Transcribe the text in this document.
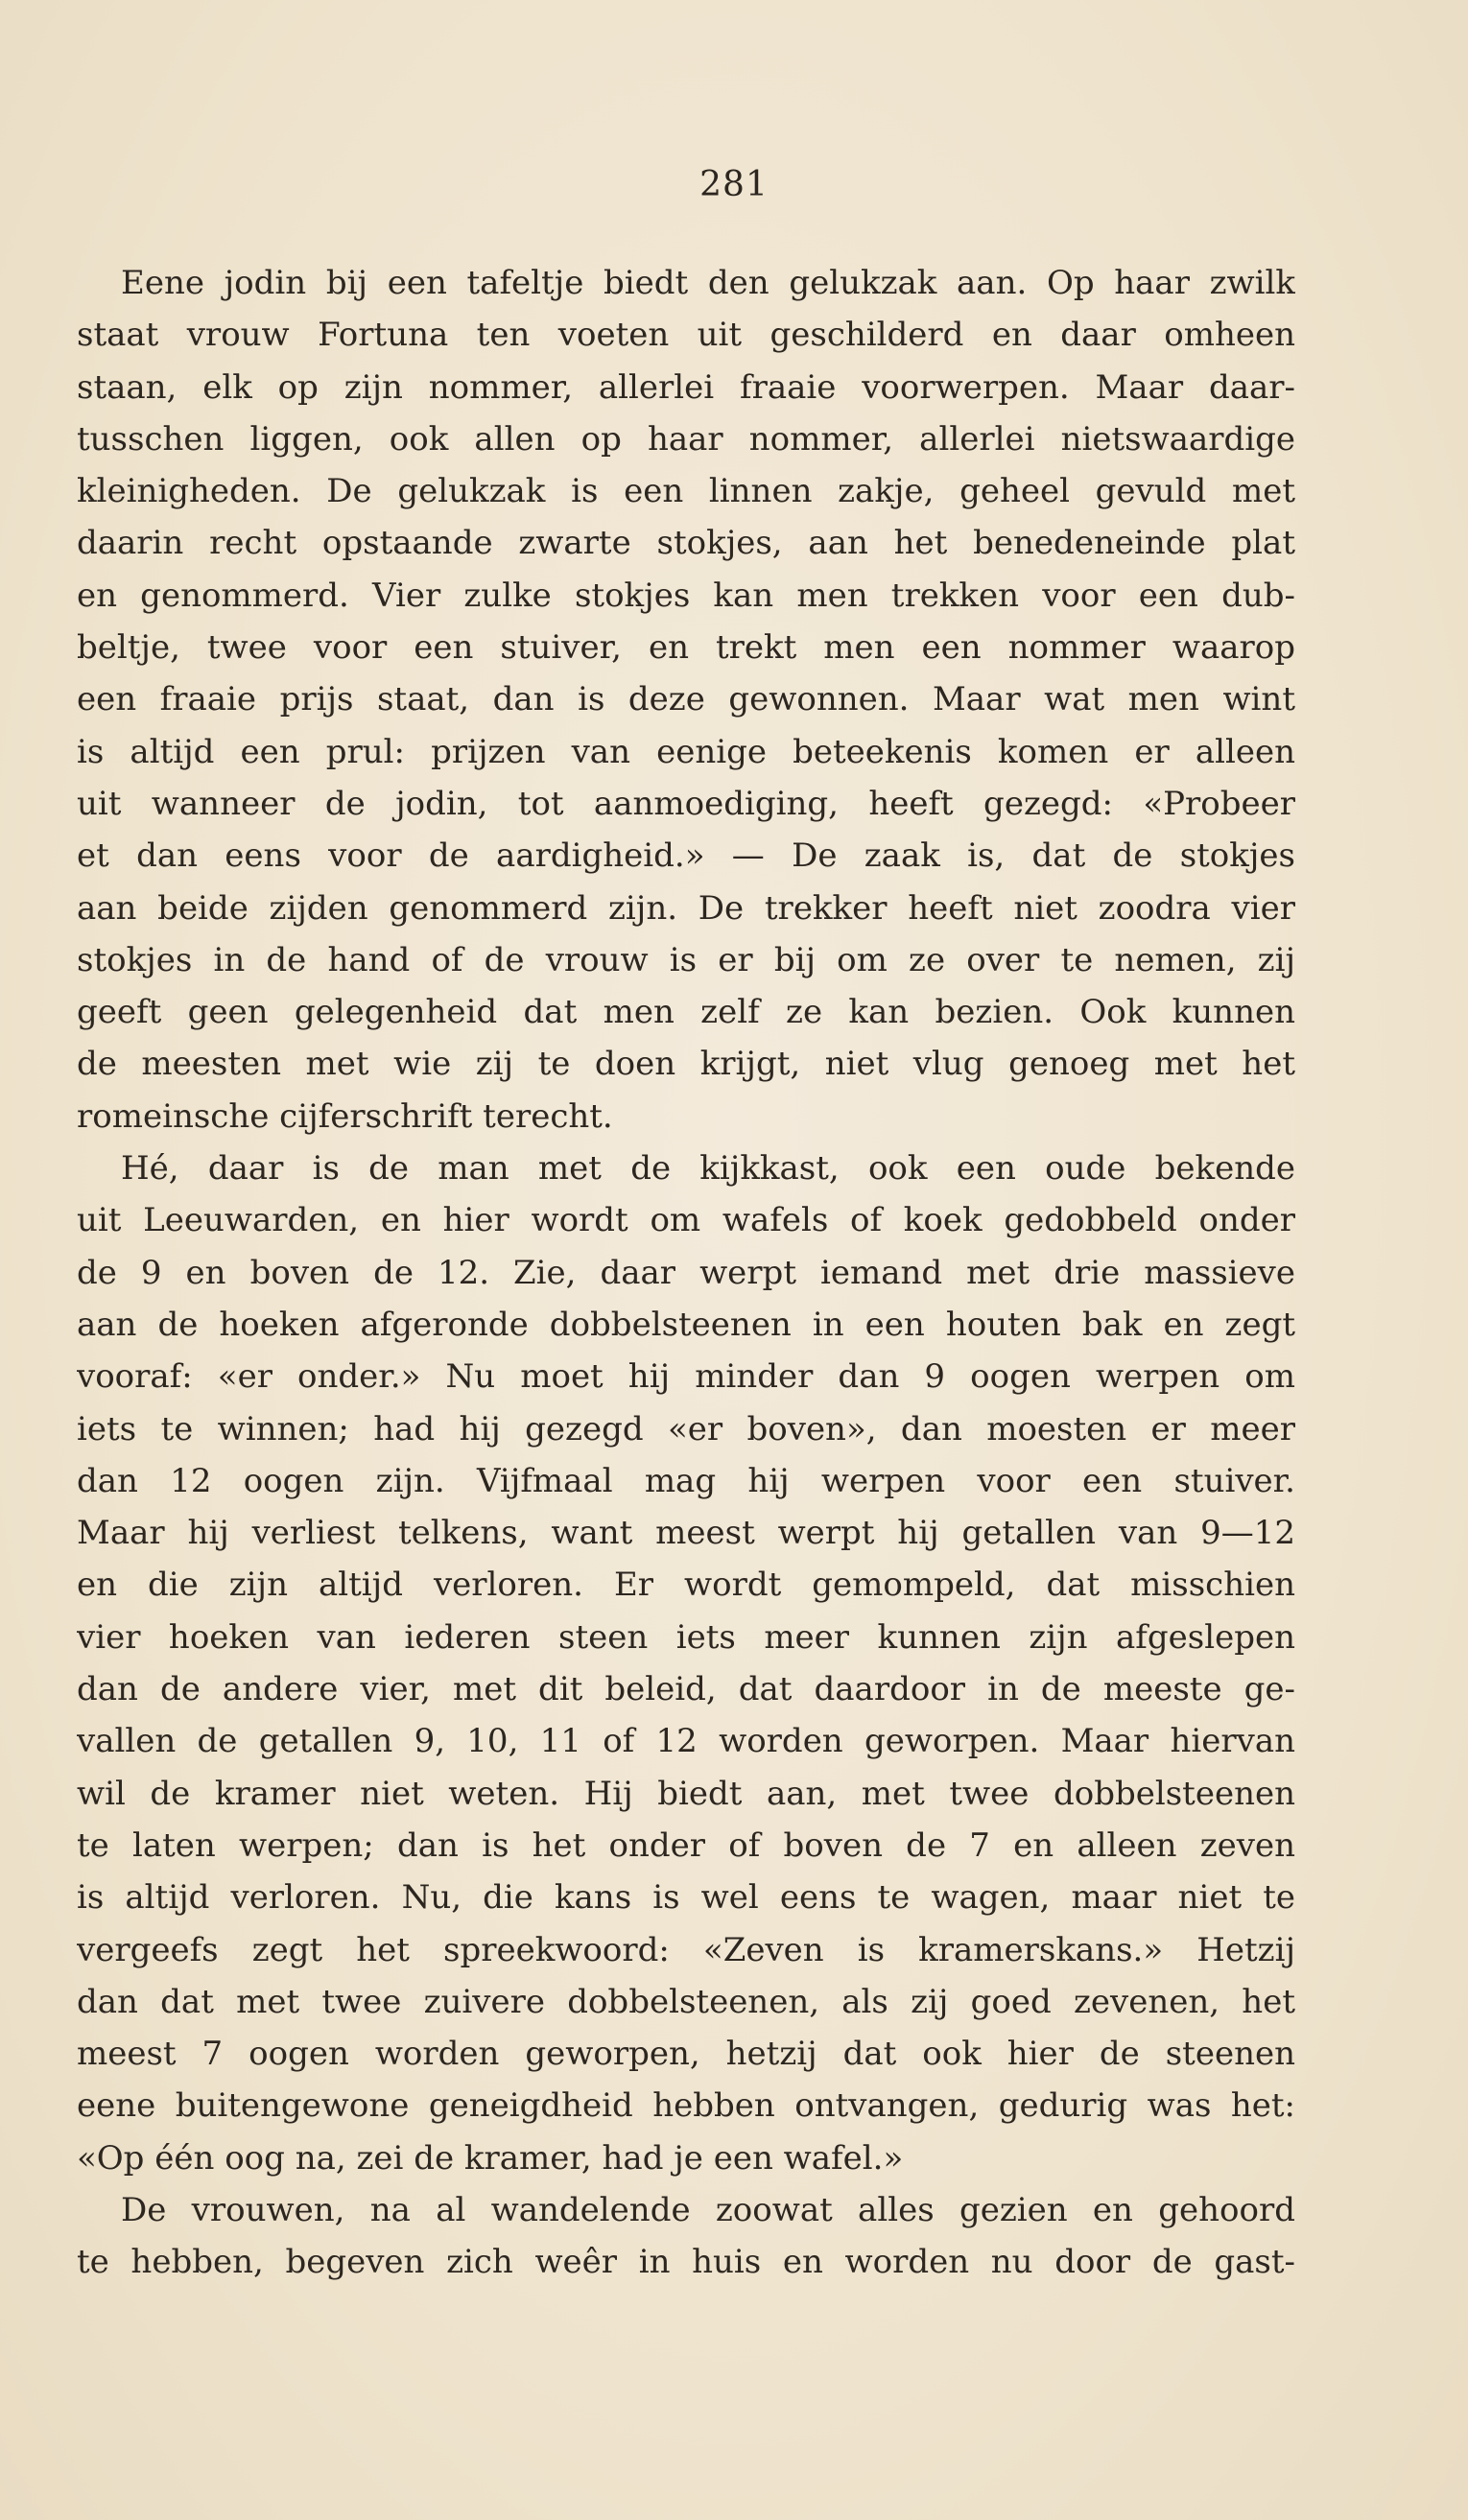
281
Eene jodin bij een tafeltje biedt den gelukzak aan. Op haar zwilk
staat vrouw Fortuna ten voeten uit geschilderd en daar omheen
staan, elk op zijn nommer, allerlei fraaie voorwerpen. Maar daar-
tusschen liggen, ook allen op haar nommer, allerlei nietswaardige
kleinigheden. De gelukzak is een linnen zakje, geheel gevuld met
daarin recht opstaande zwarte stokjes, aan het benedeneinde plat
en genommerd. Vier zulke stokjes kan men trekken voor een dub-
beltje, twee voor een stuiver, en trekt men een nommer waarop
een fraaie prijs staat, dan is deze gewonnen. Maar wat men wint
is altijd een prul: prijzen van eenige beteekenis komen er alleen
uit wanneer de jodin, tot aanmoediging, heeft gezegd: «Probeer
et dan eens voor de aardigheid.» — De zaak is, dat de stokjes
aan beide zijden genommerd zijn. De trekker heeft niet zoodra vier
stokjes in de hand of de vrouw is er bij om ze over te nemen, zij
geeft geen gelegenheid dat men zelf ze kan bezien. Ook kunnen
de meesten met wie zij te doen krijgt, niet vlug genoeg met het
romeinsche cijferschrift terecht.
Hé, daar is de man met de kijkkast, ook een oude bekende
uit Leeuwarden, en hier wordt om wafels of koek gedobbeld onder
de 9 en boven de 12. Zie, daar werpt iemand met drie massieve
aan de hoeken afgeronde dobbelsteenen in een houten bak en zegt
vooraf: «er onder.» Nu moet hij minder dan 9 oogen werpen om
iets te winnen; had hij gezegd «er boven», dan moesten er meer
dan 12 oogen zijn. Vijfmaal mag hij werpen voor een stuiver.
Maar hij verliest telkens, want meest werpt hij getallen van 9—12
en die zijn altijd verloren. Er wordt gemompeld, dat misschien
vier hoeken van iederen steen iets meer kunnen zijn afgeslepen
dan de andere vier, met dit beleid, dat daardoor in de meeste ge-
vallen de getallen 9, 10, 11 of 12 worden geworpen. Maar hiervan
wil de kramer niet weten. Hij biedt aan, met twee dobbelsteenen
te laten werpen; dan is het onder of boven de 7 en alleen zeven
is altijd verloren. Nu, die kans is wel eens te wagen, maar niet te
vergeefs zegt het spreekwoord: «Zeven is kramerskans.» Hetzij
dan dat met twee zuivere dobbelsteenen, als zij goed zevenen, het
meest 7 oogen worden geworpen, hetzij dat ook hier de steenen
eene buitengewone geneigdheid hebben ontvangen, gedurig was het:
«Op één oog na, zei de kramer, had je een wafel.»
De vrouwen, na al wandelende zoowat alles gezien en gehoord
te hebben, begeven zich weêr in huis en worden nu door de gast-
